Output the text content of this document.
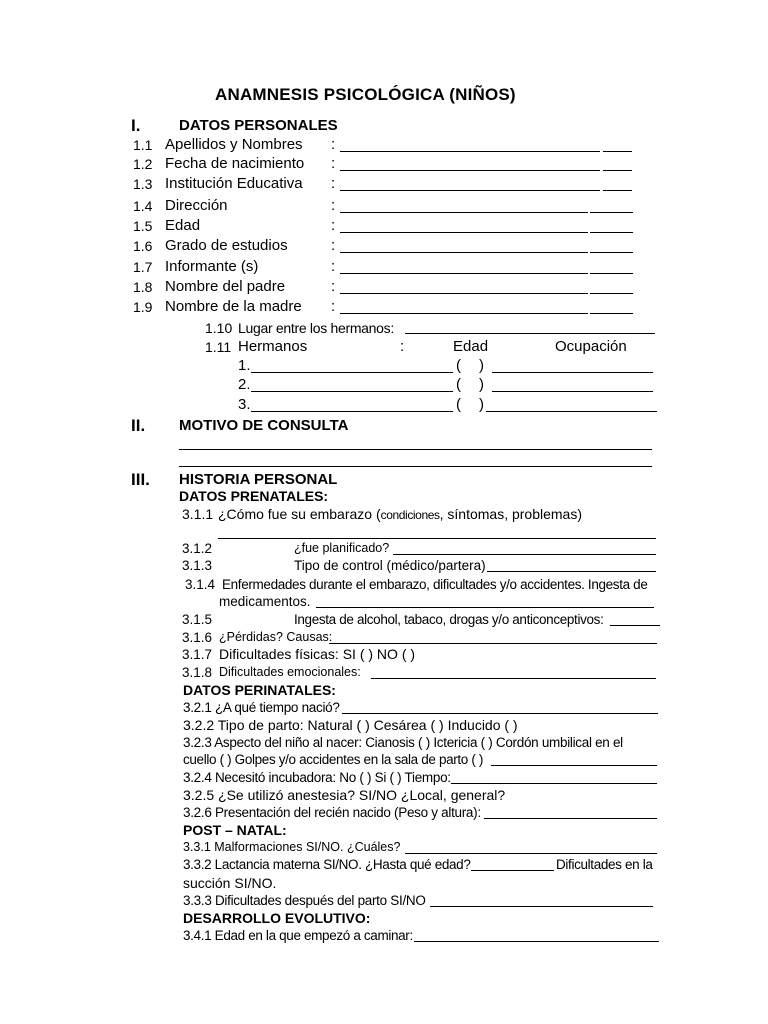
ANAMNESIS PSICOLÓGICA (NIÑOS)
I.	DATOS PERSONALES
1.1 Apellidos y Nombres :
1.2 Fecha de nacimiento :
1.3 Institución Educativa :
1.4 Dirección	:
1.5 Edad	:
1.6 Grado de estudios	:
1.7 Informante (s)	:
1.8 Nombre del padre	:
1.9 Nombre de la madre :
1.10 Lugar entre los hermanos:
1.11 Hermanos	:	Edad	Ocupación
1.	( )
2.	( )
3.	( )
II. MOTIVO DE CONSULTA
III. HISTORIA PERSONAL
DATOS PRENATALES:
3.1.1 ¿Cómo fue su embarazo (condiciones, síntomas, problemas)
3.1.2	¿fue planificado?
3.1.3	Tipo de control (médico/partera)
3.1.4 Enfermedades durante el embarazo, dificultades y/o accidentes. Ingesta de
medicamentos.
3.1.5	Ingesta de alcohol, tabaco, drogas y/o anticonceptivos:
3.1.6 ¿Pérdidas? Causas:
3.1.7 Dificultades físicas: SI ( ) NO ( )
3.1.8 Dificultades emocionales:
DATOS PERINATALES:
3.2.1 ¿A qué tiempo nació?
3.2.2 Tipo de parto: Natural ( ) Cesárea ( ) Inducido ( )
3.2.3 Aspecto del niño al nacer: Cianosis ( ) Ictericia ( ) Cordón umbilical en el
cuello ( ) Golpes y/o accidentes en la sala de parto ( )
3.2.4 Necesitó incubadora: No ( ) Si ( ) Tiempo:
3.2.5 ¿Se utilizó anestesia? SI/NO ¿Local, general?
3.2.6 Presentación del recién nacido (Peso y altura):
POST – NATAL:
3.3.1 Malformaciones SI/NO. ¿Cuáles?
3.3.2 Lactancia materna SI/NO. ¿Hasta qué edad?	Dificultades en la
succión SI/NO.
3.3.3 Dificultades después del parto SI/NO
DESARROLLO EVOLUTIVO:
3.4.1 Edad en la que empezó a caminar:
